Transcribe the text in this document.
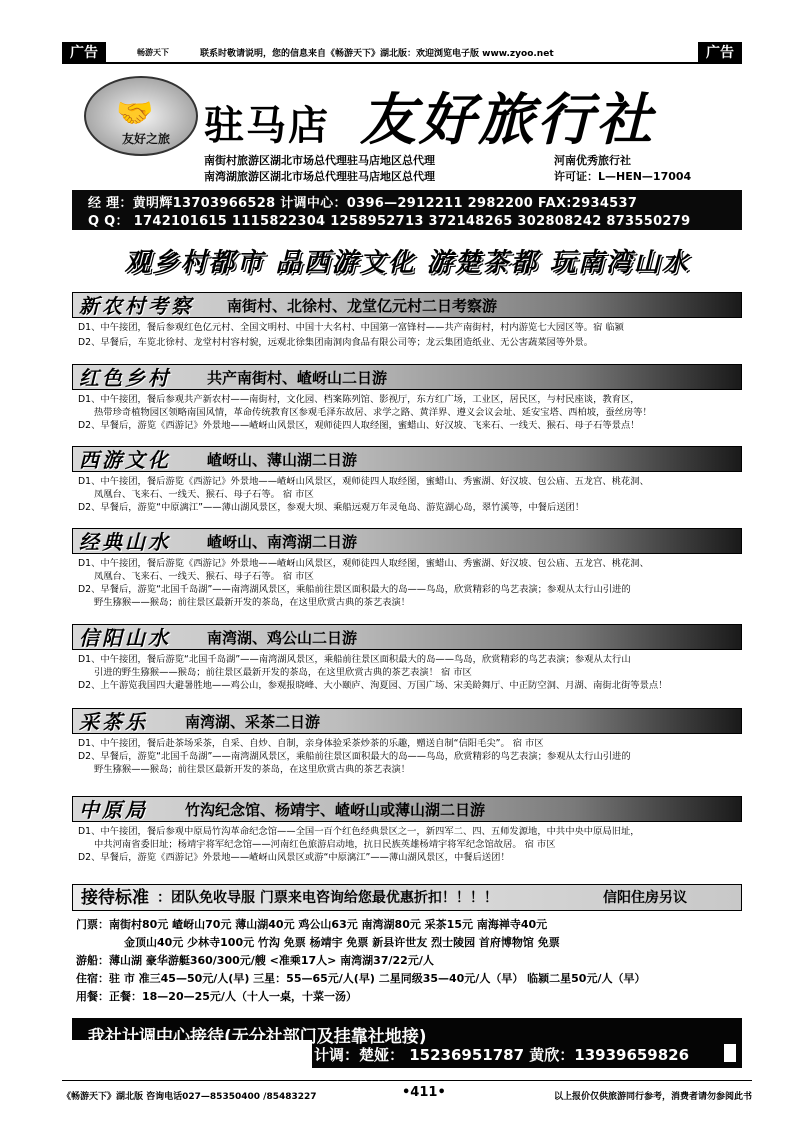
广告	畅游天下	联系时敬请说明，您的信息来自《畅游天下》湖北版：欢迎浏览电子版 www.zyoo.net	广告
🤝
友好之旅 驻马店 友好旅行社
南街村旅游区湖北市场总代理驻马店地区总代理
南湾湖旅游区湖北市场总代理驻马店地区总代理
河南优秀旅行社
许可证：L—HEN—17004
经 理：黄明辉13703966528 计调中心：0396—2912211 2982200 FAX:2934537
Q Q： 1742101615 1115822304 1258952713 372148265 302808242 873550279
观乡村都市 品西游文化 游楚茶都 玩南湾山水
新农村考察 南街村、北徐村、龙堂亿元村二日考察游
D1、中午接团，餐后参观红色亿元村、全国文明村、中国十大名村、中国第一富锋村——共产南街村，村内游览七大园区等。宿 临颍
D2、早餐后，车览北徐村、龙堂村村容村貌，远观北徐集团南洞肉食品有限公司等；龙云集团造纸业、无公害蔬菜园等外景。
红色乡村 共产南街村、嵖岈山二日游
D1、中午接团，餐后参观共产新农村——南街村，文化园、档案陈列馆、影视厅，东方红广场，工业区，居民区，与村民座谈，教育区，
热带珍奇植物园区领略南国风情，革命传统教育区参观毛泽东故居、求学之路、黄洋界、遵义会议会址、延安宝塔、西柏坡，蚕丝房等！
D2、早餐后，游览《西游记》外景地——嵖岈山风景区，观师徒四人取经图，蜜蜡山、好汉坡、飞来石、一线天、猴石、母子石等景点！
西游文化 嵖岈山、薄山湖二日游
D1、中午接团，餐后游览《西游记》外景地——嵖岈山风景区，观师徒四人取经图，蜜蜡山、秀蜜湖、好汉坡、包公庙、五龙宫、桃花洞、
凤凰台、飞来石、一线天、猴石、母子石等。 宿 市区
D2、早餐后，游览“中原漓江”——薄山湖风景区，参观大坝、乘船远观万年灵龟岛、游览湖心岛，翠竹溪等，中餐后送团！
经典山水 嵖岈山、南湾湖二日游
D1、中午接团，餐后游览《西游记》外景地——嵖岈山风景区，观师徒四人取经图，蜜蜡山、秀蜜湖、好汉坡、包公庙、五龙宫、桃花洞、
凤凰台、飞来石、一线天、猴石、母子石等。 宿 市区
D2、早餐后，游览“北国千岛湖”——南湾湖风景区，乘船前往景区面积最大的岛——鸟岛，欣赏精彩的鸟艺表演；参观从太行山引进的
野生猕猴——猴岛；前往景区最新开发的茶岛，在这里欣赏古典的茶艺表演！
信阳山水 南湾湖、鸡公山二日游
D1、中午接团，餐后游览“北国千岛湖”——南湾湖风景区，乘船前往景区面积最大的岛——鸟岛，欣赏精彩的鸟艺表演；参观从太行山
引进的野生猕猴——猴岛；前往景区最新开发的茶岛，在这里欣赏古典的茶艺表演！ 宿 市区
D2、上午游览我国四大避暑胜地——鸡公山，参观报晓峰、大小颐庐、洵夏园、万国广场、宋美龄舞厅、中正防空洞、月湖、南街北街等景点！
采茶乐 南湾湖、采茶二日游
D1、中午接团，餐后赴茶场采茶，自采、自炒、自制，亲身体验采茶炒茶的乐趣，赠送自制“信阳毛尖”。 宿 市区
D2、早餐后，游览“北国千岛湖”——南湾湖风景区，乘船前往景区面积最大的岛——鸟岛，欣赏精彩的鸟艺表演；参观从太行山引进的
野生猕猴——猴岛；前往景区最新开发的茶岛，在这里欣赏古典的茶艺表演！
中原局 竹沟纪念馆、杨靖宇、嵖岈山或薄山湖二日游
D1、中午接团，餐后参观中原局竹沟革命纪念馆——全国一百个红色经典景区之一，新四军二、四、五师发源地，中共中央中原局旧址，
中共河南省委旧址；杨靖宇将军纪念馆——河南红色旅游启动地，抗日民族英雄杨靖宇将军纪念馆故居。 宿 市区
D2、早餐后，游览《西游记》外景地——嵖岈山风景区或游“中原漓江”——薄山湖风景区，中餐后送团！
接待标准 ：团队免收导服 门票来电咨询给您最优惠折扣！！！！	信阳住房另议
门票：南街村80元 嵖岈山70元 薄山湖40元 鸡公山63元 南湾湖80元 采茶15元 南海禅寺40元
金顶山40元 少林寺100元 竹沟 免票 杨靖宇 免票 新县许世友 烈士陵园 首府博物馆 免票
游船：薄山湖 豪华游艇360/300元/艘 <准乘17人> 南湾湖37/22元/人
住宿：驻 市 准三45—50元/人(早) 三星：55—65元/人(早) 二星同级35—40元/人（早） 临颍二星50元/人（早）
用餐：正餐：18—20—25元/人（十人一桌，十菜一汤）
我社计调中心接待(无分社部门及挂靠社地接)
计调：楚娅： 15236951787 黄欣：13939659826
《畅游天下》湖北版 咨询电话027—85350400 /85483227	•411•	以上报价仅供旅游同行参考，消费者请勿参阅此书
